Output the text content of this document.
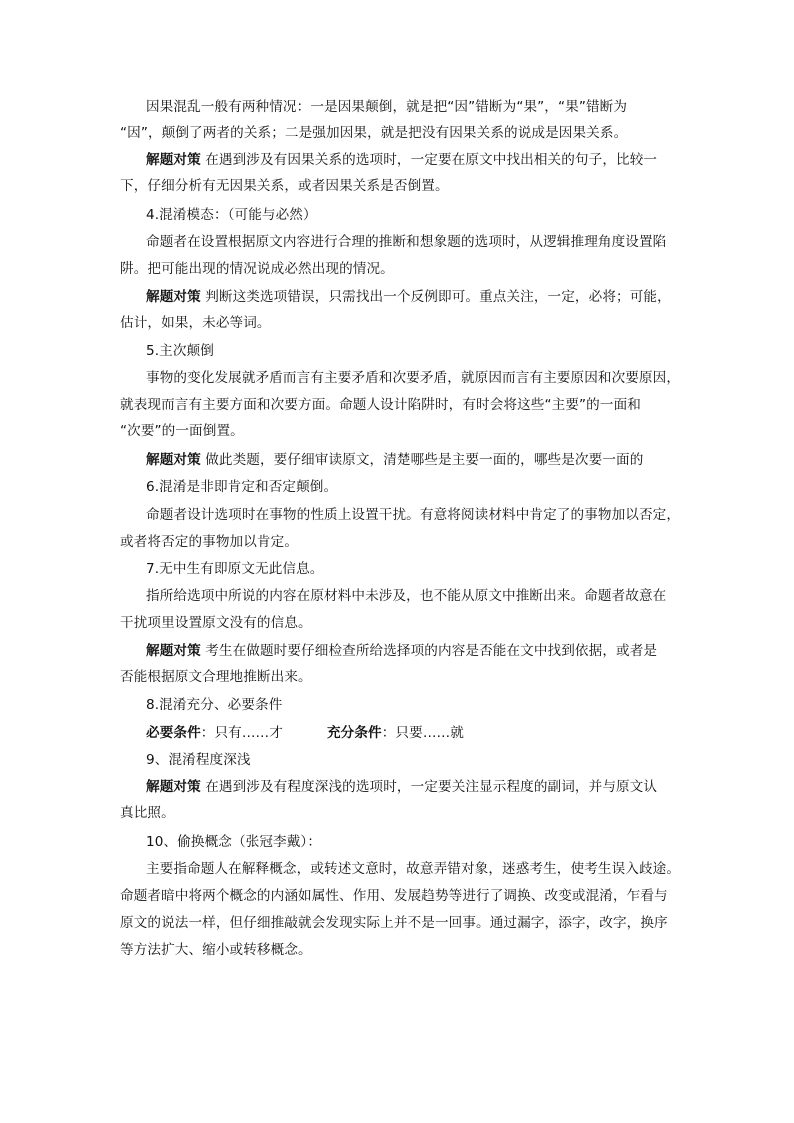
因果混乱一般有两种情况：一是因果颠倒，就是把“因”错断为“果”，“果”错断为
“因”，颠倒了两者的关系；二是强加因果，就是把没有因果关系的说成是因果关系。
解题对策 在遇到涉及有因果关系的选项时，一定要在原文中找出相关的句子，比较一
下，仔细分析有无因果关系，或者因果关系是否倒置。
4.混淆模态：（可能与必然）
命题者在设置根据原文内容进行合理的推断和想象题的选项时，从逻辑推理角度设置陷
阱。把可能出现的情况说成必然出现的情况。
解题对策 判断这类选项错误，只需找出一个反例即可。重点关注，一定，必将；可能，
估计，如果，未必等词。
5.主次颠倒
事物的变化发展就矛盾而言有主要矛盾和次要矛盾，就原因而言有主要原因和次要原因，
就表现而言有主要方面和次要方面。命题人设计陷阱时，有时会将这些“主要”的一面和
“次要”的一面倒置。
解题对策 做此类题，要仔细审读原文，清楚哪些是主要一面的，哪些是次要一面的
6.混淆是非即肯定和否定颠倒。
命题者设计选项时在事物的性质上设置干扰。有意将阅读材料中肯定了的事物加以否定，
或者将否定的事物加以肯定。
7.无中生有即原文无此信息。
指所给选项中所说的内容在原材料中未涉及，也不能从原文中推断出来。命题者故意在
干扰项里设置原文没有的信息。
解题对策 考生在做题时要仔细检查所给选择项的内容是否能在文中找到依据，或者是
否能根据原文合理地推断出来。
8.混淆充分、必要条件
必要条件：只有……才	充分条件：只要……就
9、混淆程度深浅
解题对策 在遇到涉及有程度深浅的选项时，一定要关注显示程度的副词，并与原文认
真比照。
10、偷换概念（张冠李戴）：
主要指命题人在解释概念，或转述文意时，故意弄错对象，迷惑考生，使考生误入歧途。
命题者暗中将两个概念的内涵如属性、作用、发展趋势等进行了调换、改变或混淆，乍看与
原文的说法一样，但仔细推敲就会发现实际上并不是一回事。通过漏字，添字，改字，换序
等方法扩大、缩小或转移概念。
